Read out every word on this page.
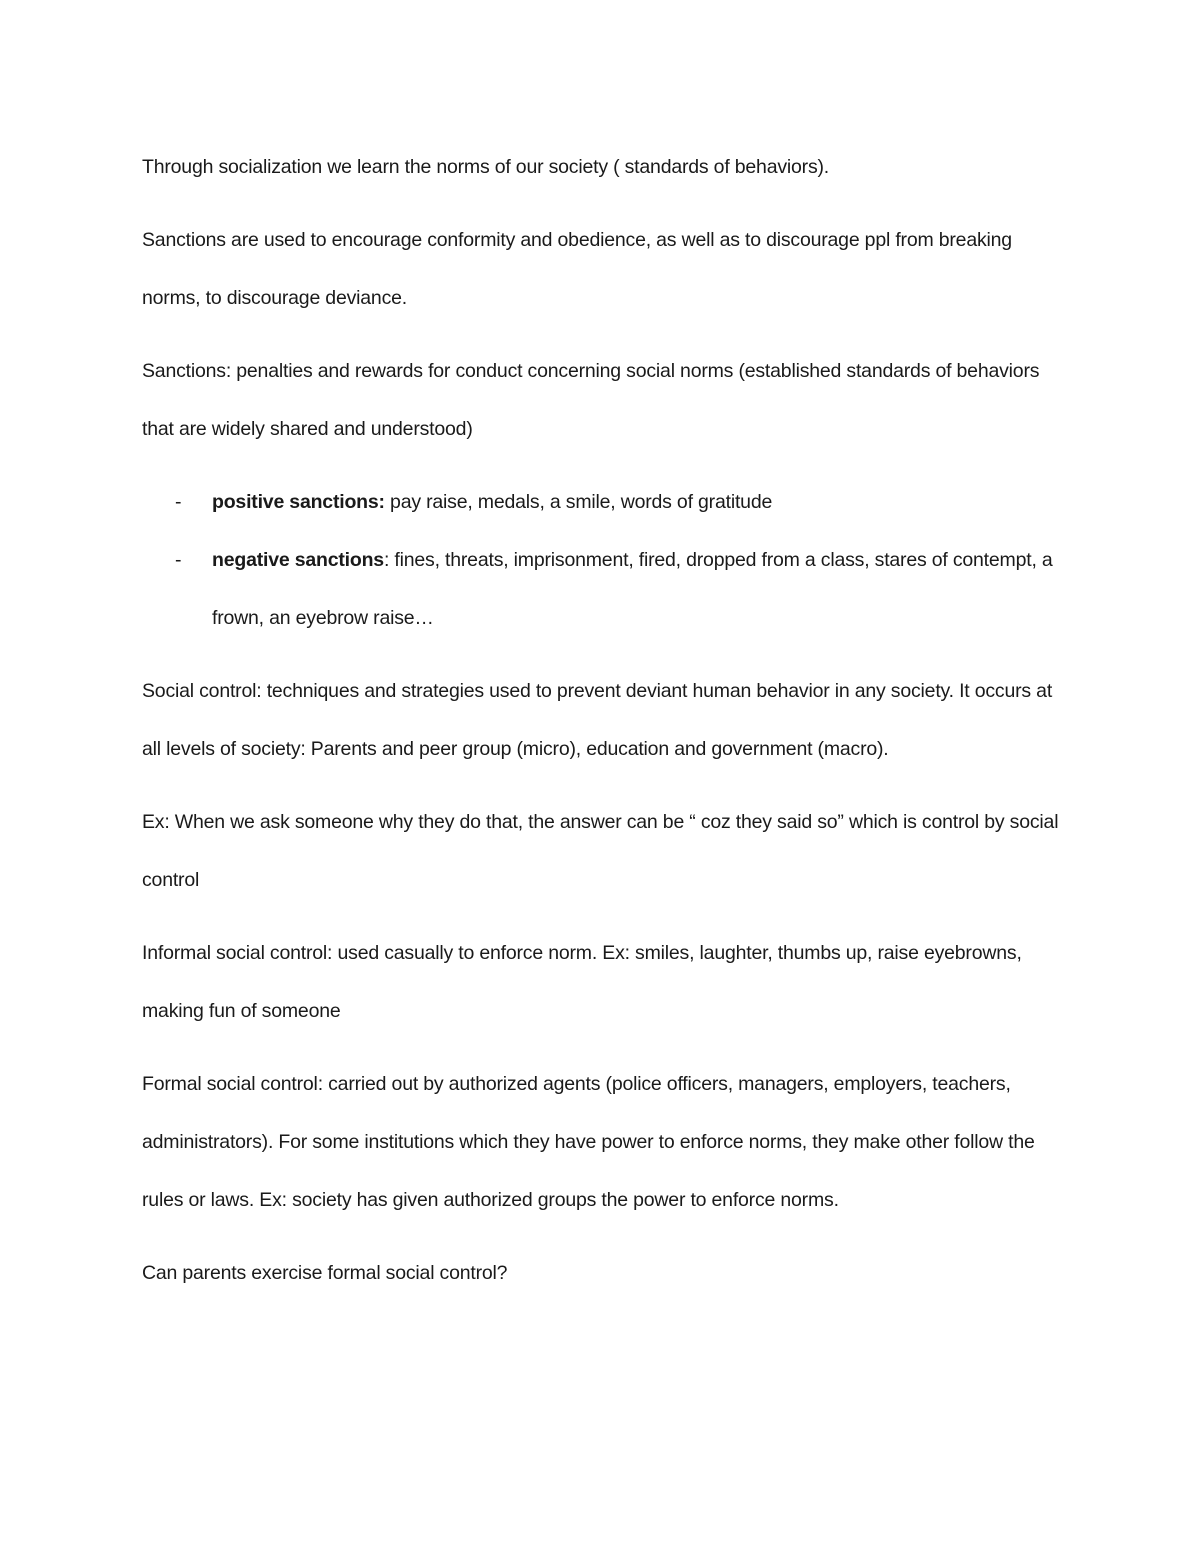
Through socialization we learn the norms of our society ( standards of behaviors).

Sanctions are used to encourage conformity and obedience, as well as to discourage ppl from breaking norms, to discourage deviance.

Sanctions: penalties and rewards for conduct concerning social norms (established standards of behaviors that are widely shared and understood)

- positive sanctions: pay raise, medals, a smile, words of gratitude
- negative sanctions: fines, threats, imprisonment, fired, dropped from a class, stares of contempt, a frown, an eyebrow raise…

Social control: techniques and strategies used to prevent deviant human behavior in any society. It occurs at all levels of society: Parents and peer group (micro), education and government (macro).

Ex: When we ask someone why they do that, the answer can be “ coz they said so” which is control by social control

Informal social control: used casually to enforce norm. Ex: smiles, laughter, thumbs up, raise eyebrowns, making fun of someone

Formal social control: carried out by authorized agents (police officers, managers, employers, teachers, administrators). For some institutions which they have power to enforce norms, they make other follow the rules or laws. Ex: society has given authorized groups the power to enforce norms.

Can parents exercise formal social control?
